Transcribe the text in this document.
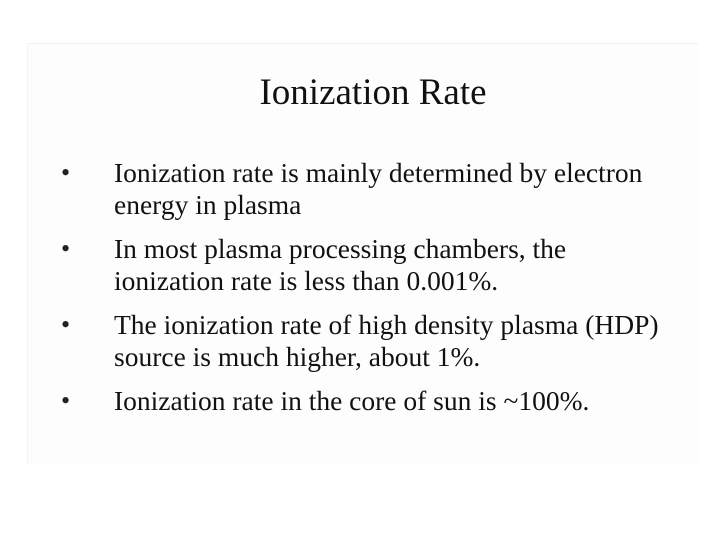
Ionization Rate
• Ionization rate is mainly determined by electron energy in plasma
• In most plasma processing chambers, the ionization rate is less than 0.001%.
• The ionization rate of high density plasma (HDP) source is much higher, about 1%.
• Ionization rate in the core of sun is ~100%.
